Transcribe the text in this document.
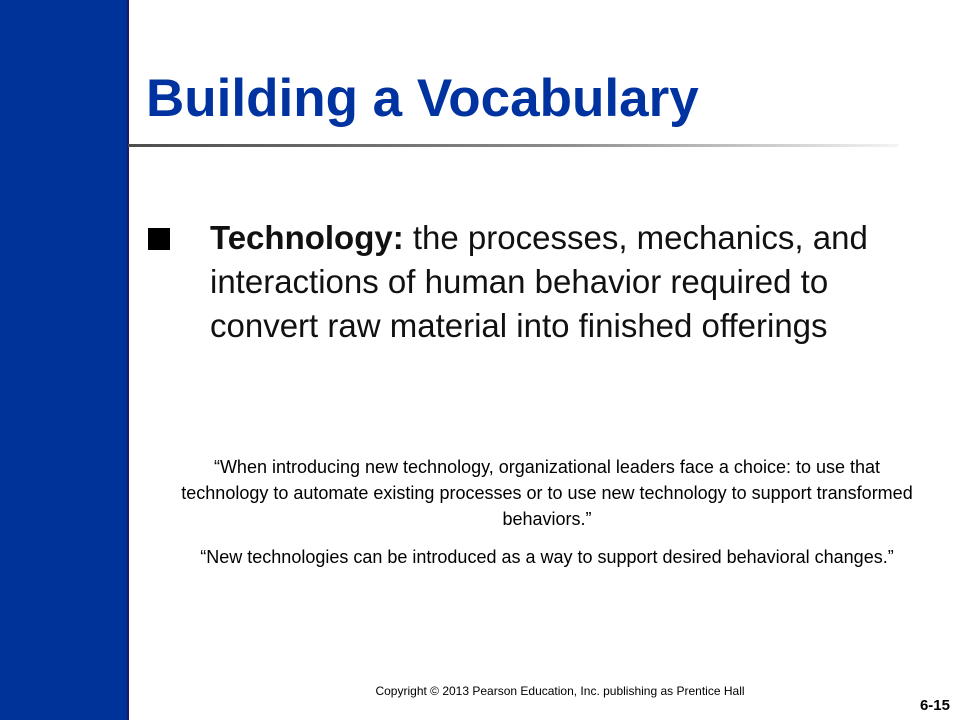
Building a Vocabulary

Technology: the processes, mechanics, and interactions of human behavior required to convert raw material into finished offerings

“When introducing new technology, organizational leaders face a choice: to use that technology to automate existing processes or to use new technology to support transformed behaviors.”

“New technologies can be introduced as a way to support desired behavioral changes.”

Copyright © 2013 Pearson Education, Inc. publishing as Prentice Hall
6-15
